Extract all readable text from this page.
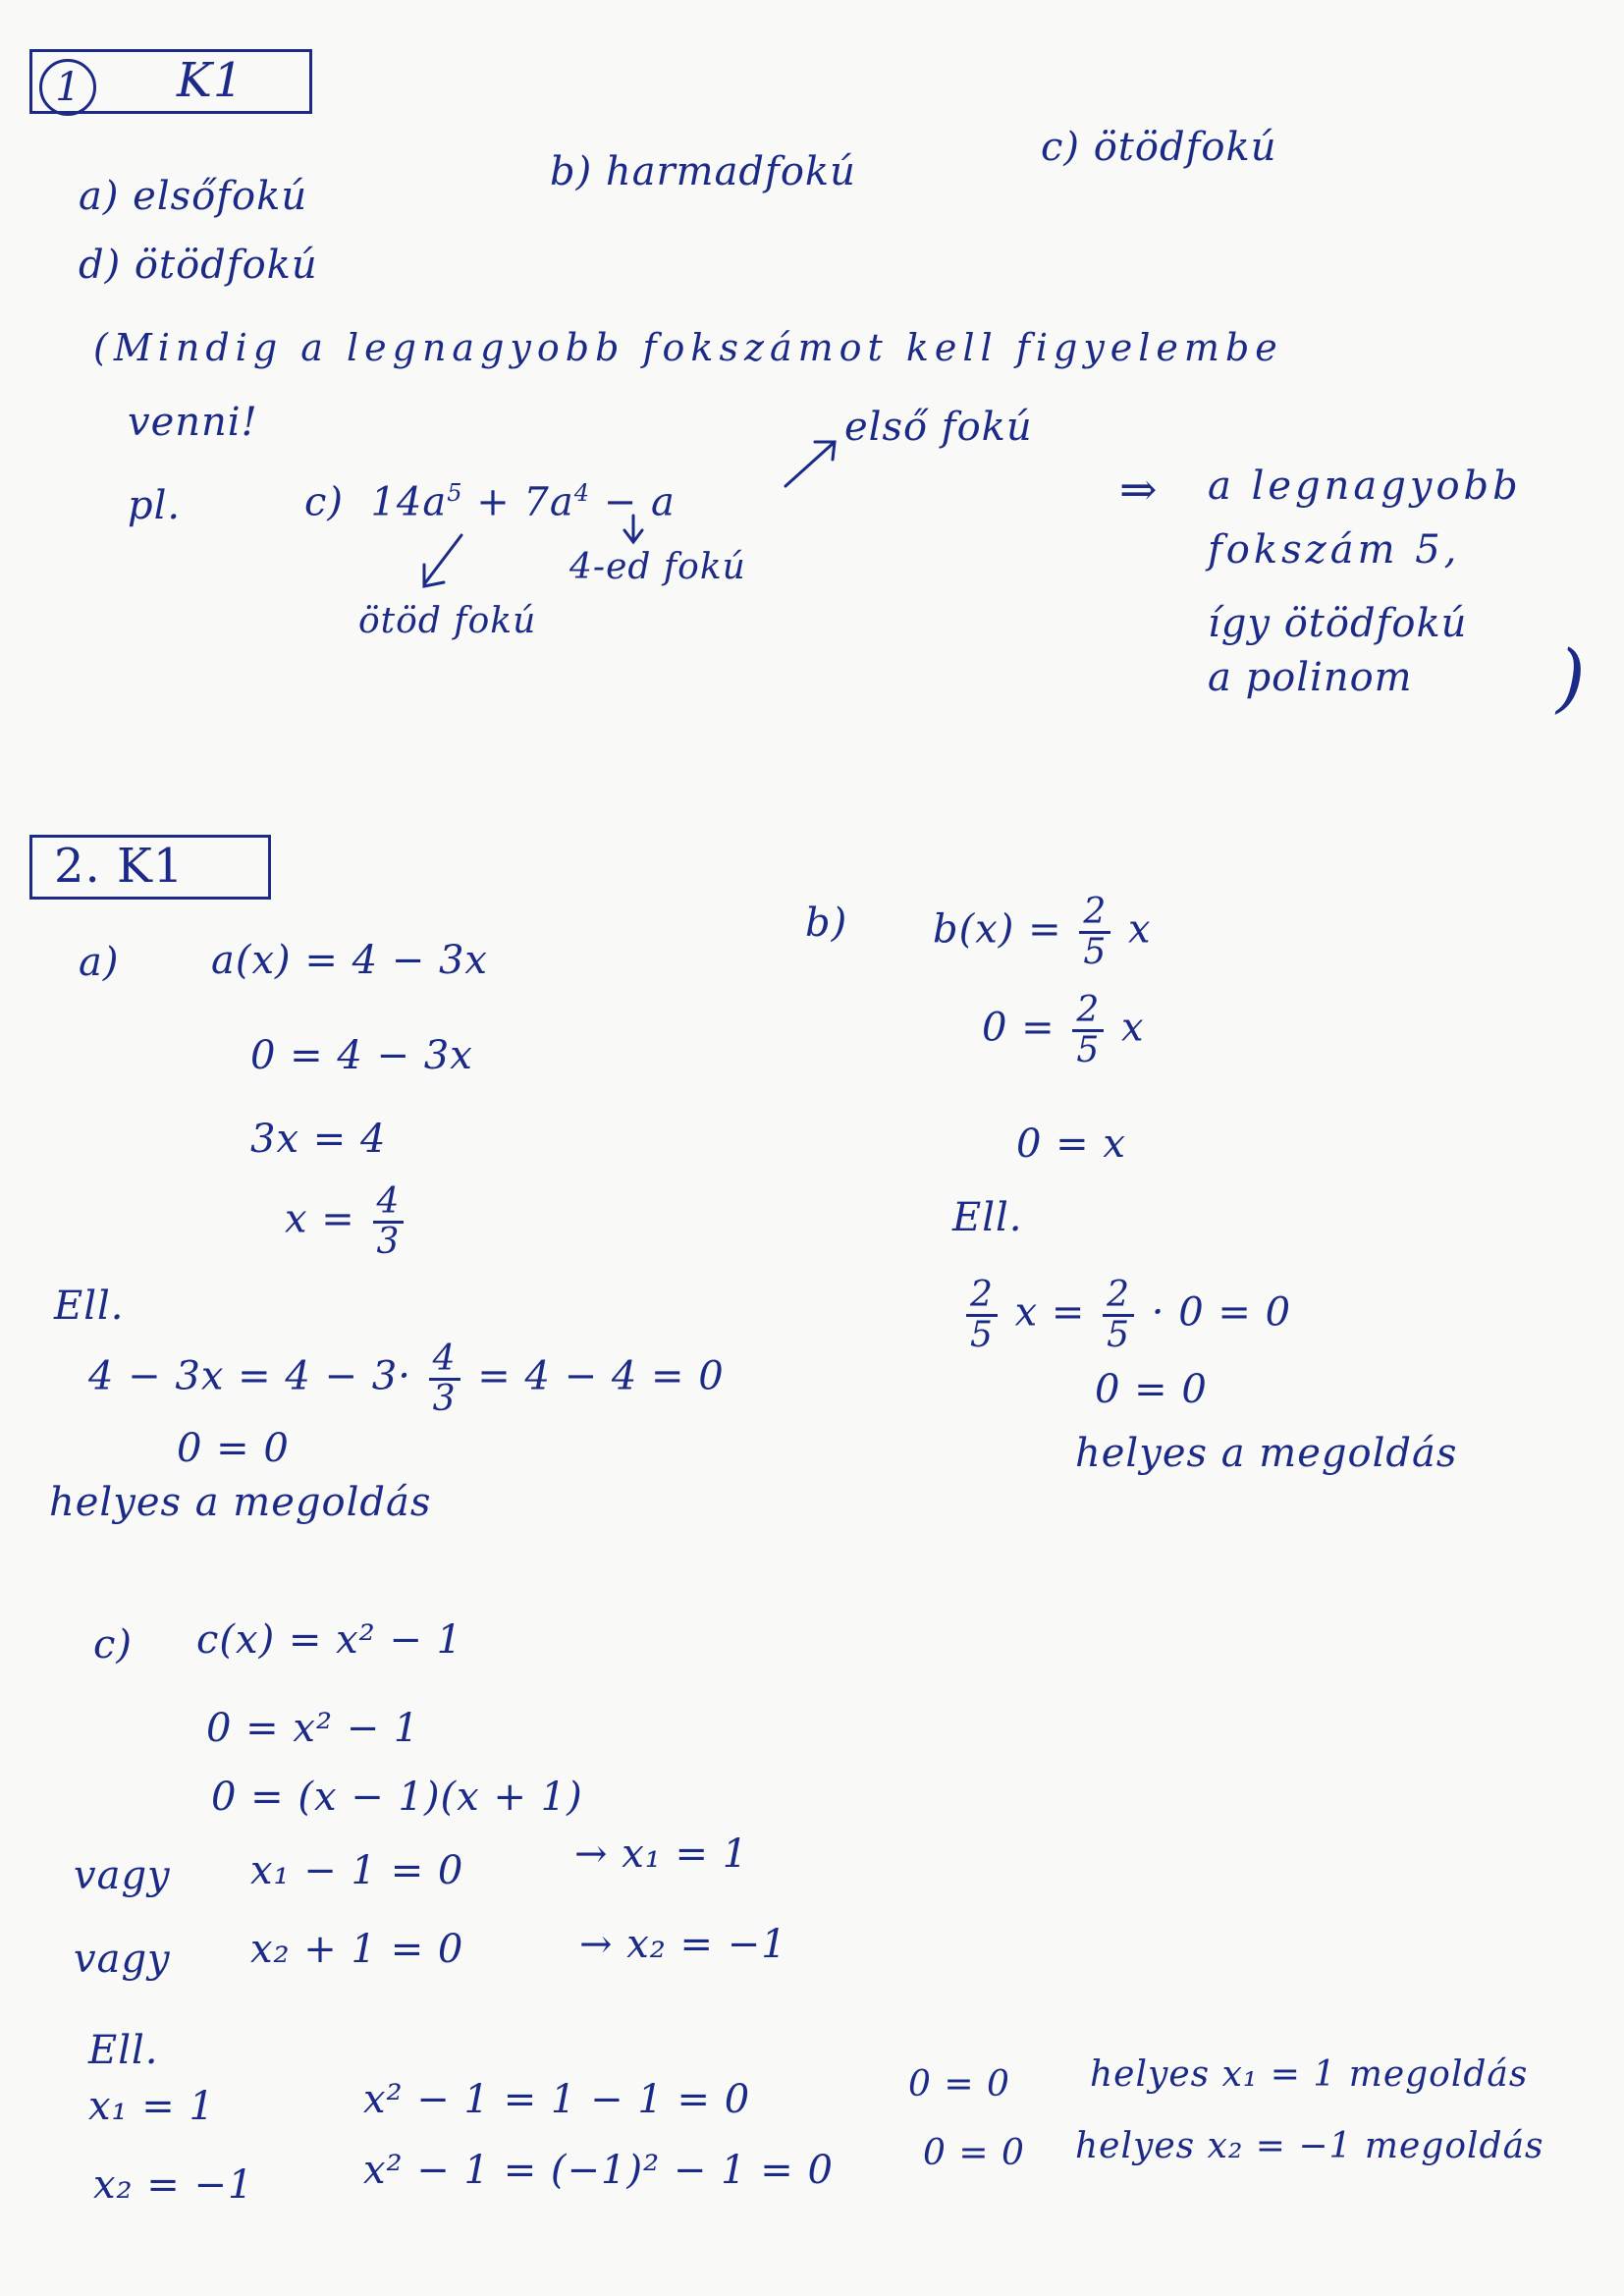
1	K1
a) elsőfokú
b) harmadfokú
c) ötödfokú
d) ötödfokú
(Mindig a legnagyobb fokszámot kell figyelembe
venni!
pl.	c) $14a^5 + 7a^4 - a$
első fokú
4-ed fokú
ötöd fokú
⇒ a legnagyobb
fokszám 5,
így ötödfokú
a polinom )
2. K1
a) a(x) = 4 − 3x
0 = 4 − 3x
3x = 4
$x = \frac{4}{3}$
Ell.
$4 - 3x = 4 - 3\cdot \frac{4}{3} = 4 - 4 = 0$
0 = 0
helyes a megoldás
b) $b(x) = \frac{2}{5}$ x
$0 = \frac{2}{5}$ x
0 = x
Ell.
$\frac{2}{5}$ $x = \frac{2}{5} \cdot 0 = 0$
0 = 0
helyes a megoldás
c) c(x) = x² − 1
0 = x² − 1
0 = (x − 1)(x + 1)
vagy x₁ − 1 = 0	→ x₁ = 1
vagy x₂ + 1 = 0	→ x₂ = −1
Ell.
x₁ = 1	x² − 1 = 1 − 1 = 0	0 = 0 helyes x₁ = 1 megoldás
x₂ = −1	x² − 1 = (−1)² − 1 = 0	0 = 0 helyes x₂ = −1 megoldás
